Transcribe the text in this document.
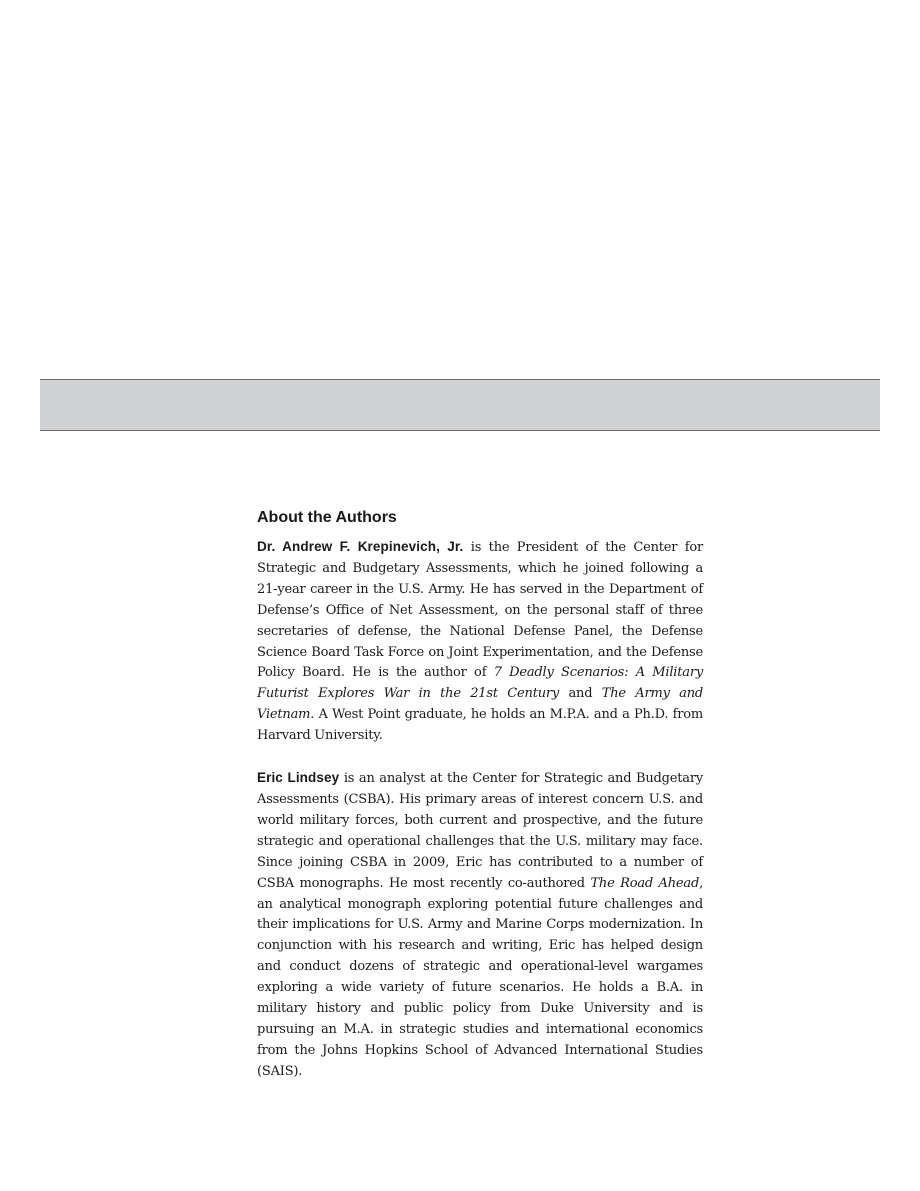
About the Authors

Dr. Andrew F. Krepinevich, Jr. is the President of the Center for Strategic and Budgetary Assessments, which he joined following a 21-year career in the U.S. Army. He has served in the Department of Defense’s Office of Net Assessment, on the personal staff of three secretaries of defense, the National Defense Panel, the Defense Science Board Task Force on Joint Experimentation, and the Defense Policy Board. He is the author of 7 Deadly Scenarios: A Military Futurist Explores War in the 21st Century and The Army and Vietnam. A West Point graduate, he holds an M.P.A. and a Ph.D. from Harvard University.

Eric Lindsey is an analyst at the Center for Strategic and Budgetary Assessments (CSBA). His primary areas of interest concern U.S. and world military forces, both current and prospective, and the future strategic and operational challenges that the U.S. military may face. Since joining CSBA in 2009, Eric has contributed to a number of CSBA monographs. He most recently co-authored The Road Ahead, an analytical monograph exploring potential future challenges and their implications for U.S. Army and Marine Corps modernization. In conjunction with his research and writing, Eric has helped design and conduct dozens of strategic and operational-level wargames exploring a wide variety of future scenarios. He holds a B.A. in military history and public policy from Duke University and is pursuing an M.A. in strategic studies and international economics from the Johns Hopkins School of Advanced International Studies (SAIS).
